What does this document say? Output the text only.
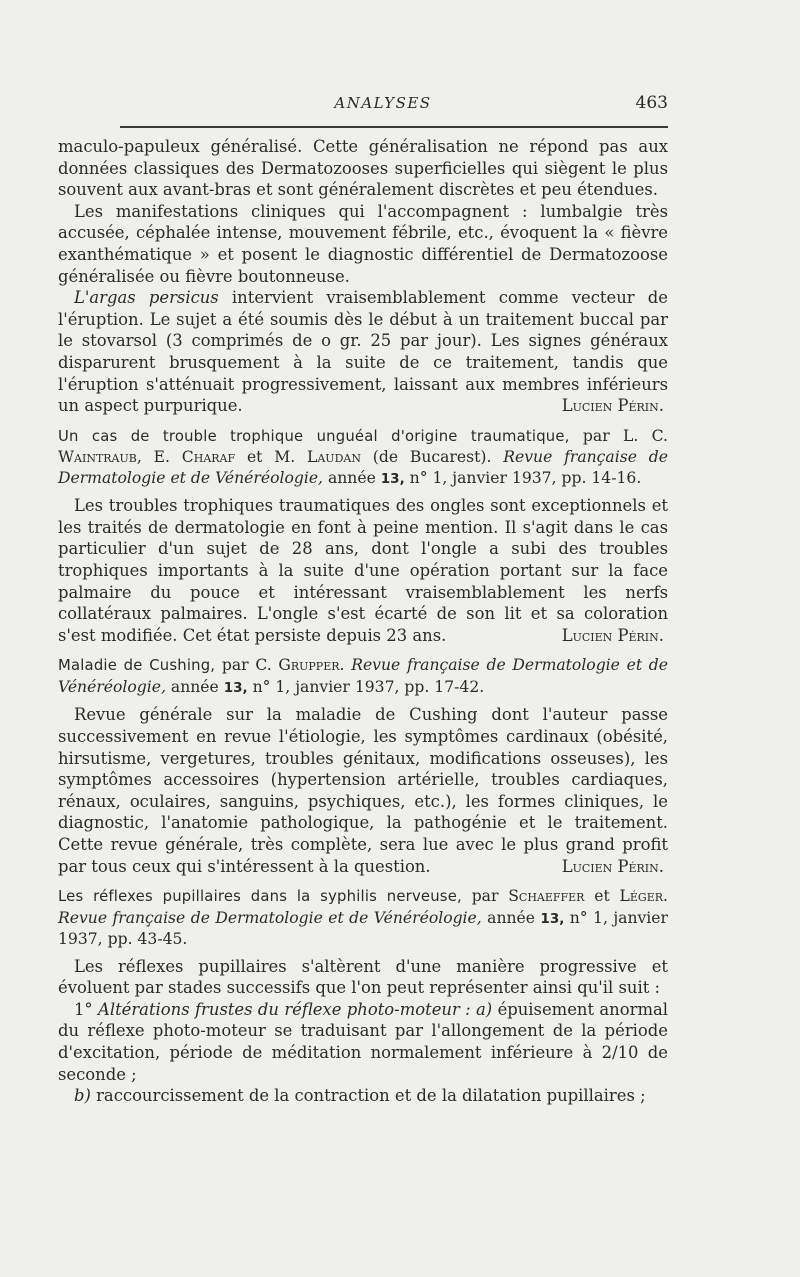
ANALYSES	463

maculo-papuleux généralisé. Cette généralisation ne répond pas aux données classiques des Dermatozooses superficielles qui siègent le plus souvent aux avant-bras et sont généralement discrètes et peu étendues.

Les manifestations cliniques qui l'accompagnent : lumbalgie très accusée, céphalée intense, mouvement fébrile, etc., évoquent la « fièvre exanthématique » et posent le diagnostic différentiel de Dermatozoose généralisée ou fièvre boutonneuse.

L'argas persicus intervient vraisemblablement comme vecteur de l'éruption. Le sujet a été soumis dès le début à un traitement buccal par le stovarsol (3 comprimés de o gr. 25 par jour). Les signes généraux disparurent brusquement à la suite de ce traitement, tandis que l'éruption s'atténuait progressivement, laissant aux membres inférieurs un aspect purpurique.	Lucien Périn.

Un cas de trouble trophique unguéal d'origine traumatique, par L. C. Waintraub, E. Charaf et M. Laudan (de Bucarest). Revue française de Dermatologie et de Vénéréologie, année 13, n° 1, janvier 1937, pp. 14-16.

Les troubles trophiques traumatiques des ongles sont exceptionnels et les traités de dermatologie en font à peine mention. Il s'agit dans le cas particulier d'un sujet de 28 ans, dont l'ongle a subi des troubles trophiques importants à la suite d'une opération portant sur la face palmaire du pouce et intéressant vraisemblablement les nerfs collatéraux palmaires. L'ongle s'est écarté de son lit et sa coloration s'est modifiée. Cet état persiste depuis 23 ans.	Lucien Périn.

Maladie de Cushing, par C. Grupper. Revue française de Dermatologie et de Vénéréologie, année 13, n° 1, janvier 1937, pp. 17-42.

Revue générale sur la maladie de Cushing dont l'auteur passe successivement en revue l'étiologie, les symptômes cardinaux (obésité, hirsutisme, vergetures, troubles génitaux, modifications osseuses), les symptômes accessoires (hypertension artérielle, troubles cardiaques, rénaux, oculaires, sanguins, psychiques, etc.), les formes cliniques, le diagnostic, l'anatomie pathologique, la pathogénie et le traitement. Cette revue générale, très complète, sera lue avec le plus grand profit par tous ceux qui s'intéressent à la question.	Lucien Périn.

Les réflexes pupillaires dans la syphilis nerveuse, par Schaeffer et Léger. Revue française de Dermatologie et de Vénéréologie, année 13, n° 1, janvier 1937, pp. 43-45.

Les réflexes pupillaires s'altèrent d'une manière progressive et évoluent par stades successifs que l'on peut représenter ainsi qu'il suit :

1° Altérations frustes du réflexe photo-moteur : a) épuisement anormal du réflexe photo-moteur se traduisant par l'allongement de la période d'excitation, période de méditation normalement inférieure à 2/10 de seconde ;

b) raccourcissement de la contraction et de la dilatation pupillaires ;
